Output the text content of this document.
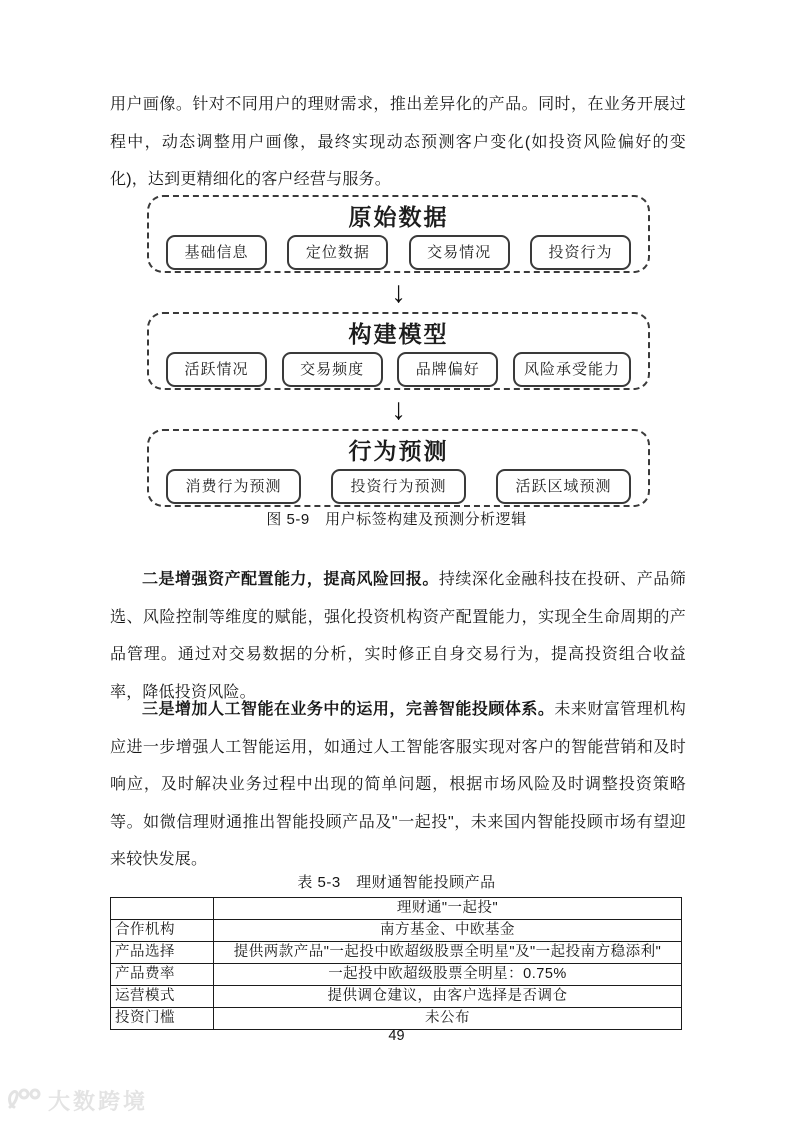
用户画像。针对不同用户的理财需求，推出差异化的产品。同时，在业务开展过程中，动态调整用户画像，最终实现动态预测客户变化(如投资风险偏好的变化)，达到更精细化的客户经营与服务。

原始数据
基础信息	定位数据	交易情况	投资行为
↓
构建模型
活跃情况	交易频度	品牌偏好	风险承受能力
↓
行为预测
消费行为预测	投资行为预测	活跃区域预测

图 5-9　用户标签构建及预测分析逻辑

二是增强资产配置能力，提高风险回报。持续深化金融科技在投研、产品筛选、风险控制等维度的赋能，强化投资机构资产配置能力，实现全生命周期的产品管理。通过对交易数据的分析，实时修正自身交易行为，提高投资组合收益率，降低投资风险。

三是增加人工智能在业务中的运用，完善智能投顾体系。未来财富管理机构应进一步增强人工智能运用，如通过人工智能客服实现对客户的智能营销和及时响应，及时解决业务过程中出现的简单问题，根据市场风险及时调整投资策略等。如微信理财通推出智能投顾产品及"一起投"，未来国内智能投顾市场有望迎来较快发展。

表 5-3　理财通智能投顾产品

	理财通"一起投"
合作机构	南方基金、中欧基金
产品选择	提供两款产品"一起投中欧超级股票全明星"及"一起投南方稳添利"
产品费率	一起投中欧超级股票全明星：0.75%
运营模式	提供调仓建议，由客户选择是否调仓
投资门槛	未公布

49

大数跨境
